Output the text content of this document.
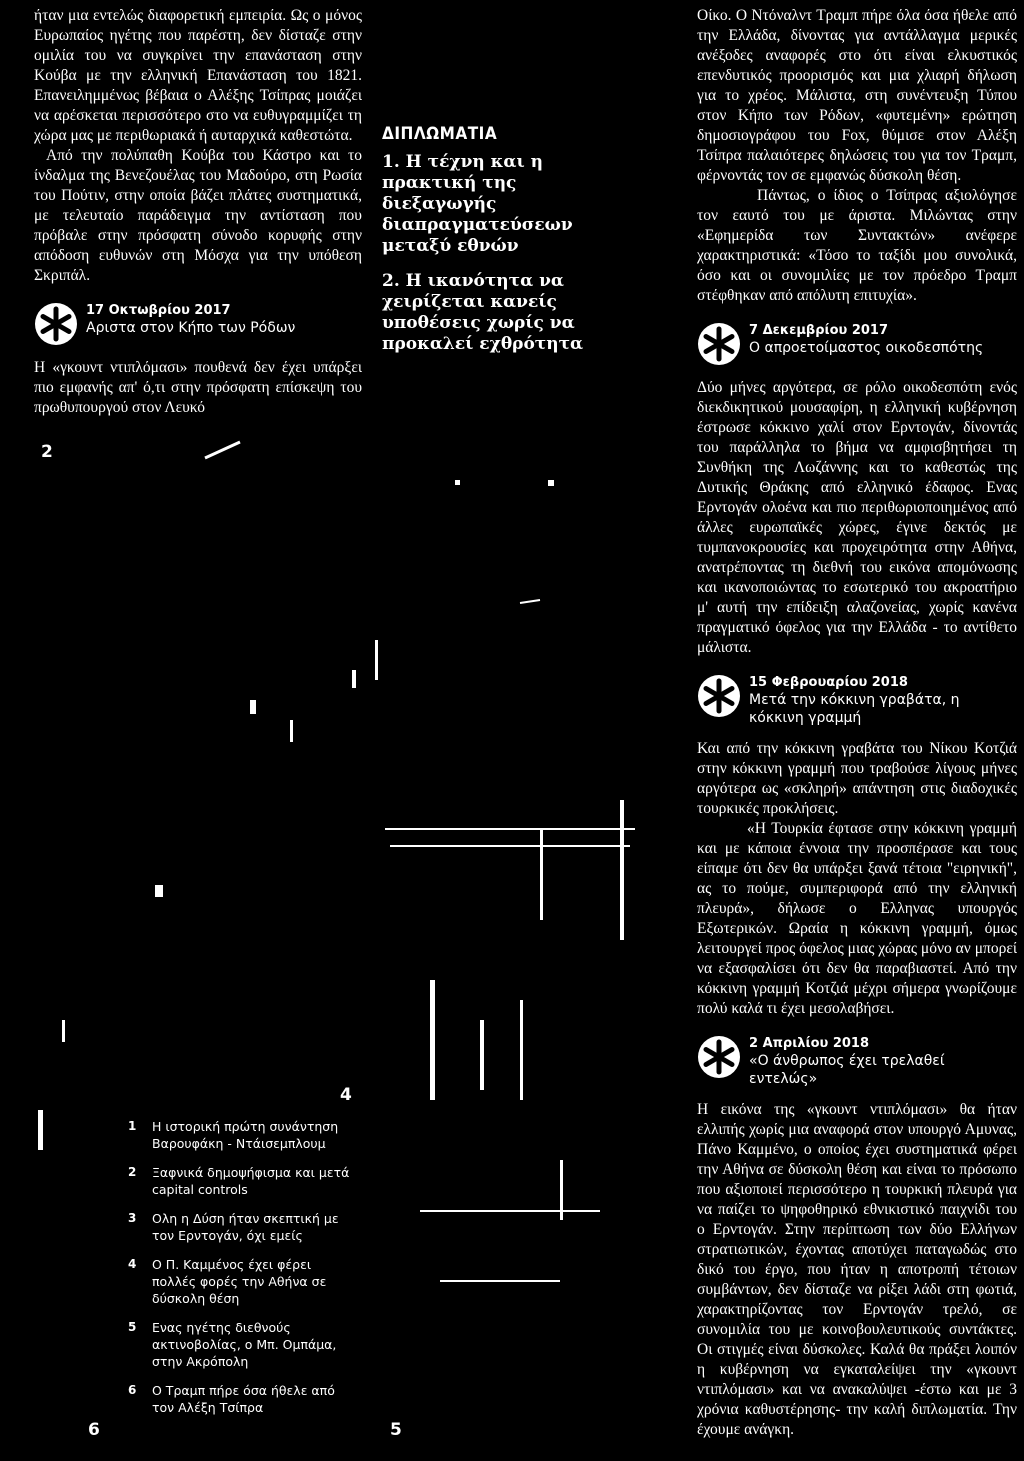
ήταν μια εντελώς διαφορετική εμπειρία. Ως ο μόνος Ευρωπαίος ηγέτης που παρέστη, δεν δίσταζε στην ομιλία του να συγκρίνει την επανάσταση στην Κούβα με την ελληνική Επανάσταση του 1821. Επανειλημμένως βέβαια ο Αλέξης Τσίπρας μοιάζει να αρέσκεται περισσότερο στο να ευθυγραμμίζει τη χώρα μας με περιθωριακά ή αυταρχικά καθεστώτα.

Από την πολύπαθη Κούβα του Κάστρο και το ίνδαλμα της Βενεζουέλας του Μαδούρο, στη Ρωσία του Πούτιν, στην οποία βάζει πλάτες συστηματικά, με τελευταίο παράδειγμα την αντίσταση που πρόβαλε στην πρόσφατη σύνοδο κορυφής στην απόδοση ευθυνών στη Μόσχα για την υπόθεση Σκριπάλ.

17 Οκτωβρίου 2017
Αριστα στον Κήπο των Ρόδων

Η «γκουντ ντιπλόμασι» πουθενά δεν έχει υπάρξει πιο εμφανής απ' ό,τι στην πρόσφατη επίσκεψη του πρωθυπουργού στον Λευκό

ΔΙΠΛΩΜΑΤΙΑ

1. Η τέχνη και η πρακτική της διεξαγωγής διαπραγματεύσεων μεταξύ εθνών

2. Η ικανότητα να χειρίζεται κανείς υποθέσεις χωρίς να προκαλεί εχθρότητα

2
4
5
6
1 Η ιστορική πρώτη συνάντηση Βαρουφάκη - Ντάισεμπλουμ
2 Ξαφνικά δημοψήφισμα και μετά capital controls
3 Ολη η Δύση ήταν σκεπτική με τον Ερντογάν, όχι εμείς
4 Ο Π. Καμμένος έχει φέρει πολλές φορές την Αθήνα σε δύσκολη θέση
5 Ενας ηγέτης διεθνούς ακτινοβολίας, ο Μπ. Ομπάμα, στην Ακρόπολη
6 Ο Τραμπ πήρε όσα ήθελε από τον Αλέξη Τσίπρα

Οίκο. Ο Ντόναλντ Τραμπ πήρε όλα όσα ήθελε από την Ελλάδα, δίνοντας για αντάλλαγμα μερικές ανέξοδες αναφορές στο ότι είναι ελκυστικός επενδυτικός προορισμός και μια χλιαρή δήλωση για το χρέος. Μάλιστα, στη συνέντευξη Τύπου στον Κήπο των Ρόδων, «φυτεμένη» ερώτηση δημοσιογράφου του Fox, θύμισε στον Αλέξη Τσίπρα παλαιότερες δηλώσεις του για τον Τραμπ, φέρνοντάς τον σε εμφανώς δύσκολη θέση.

Πάντως, ο ίδιος ο Τσίπρας αξιολόγησε τον εαυτό του με άριστα. Μιλώντας στην «Εφημερίδα των Συντακτών» ανέφερε χαρακτηριστικά: «Τόσο το ταξίδι μου συνολικά, όσο και οι συνομιλίες με τον πρόεδρο Τραμπ στέφθηκαν από απόλυτη επιτυχία».

7 Δεκεμβρίου 2017
Ο απροετοίμαστος οικοδεσπότης

Δύο μήνες αργότερα, σε ρόλο οικοδεσπότη ενός διεκδικητικού μουσαφίρη, η ελληνική κυβέρνηση έστρωσε κόκκινο χαλί στον Ερντογάν, δίνοντάς του παράλληλα το βήμα να αμφισβητήσει τη Συνθήκη της Λωζάννης και το καθεστώς της Δυτικής Θράκης από ελληνικό έδαφος. Ενας Ερντογάν ολοένα και πιο περιθωριοποιημένος από άλλες ευρωπαϊκές χώρες, έγινε δεκτός με τυμπανοκρουσίες και προχειρότητα στην Αθήνα, ανατρέποντας τη διεθνή του εικόνα απομόνωσης και ικανοποιώντας το εσωτερικό του ακροατήριο μ' αυτή την επίδειξη αλαζονείας, χωρίς κανένα πραγματικό όφελος για την Ελλάδα - το αντίθετο μάλιστα.

15 Φεβρουαρίου 2018
Μετά την κόκκινη γραβάτα, η κόκκινη γραμμή

Και από την κόκκινη γραβάτα του Νίκου Κοτζιά στην κόκκινη γραμμή που τραβούσε λίγους μήνες αργότερα ως «σκληρή» απάντηση στις διαδοχικές τουρκικές προκλήσεις.

«Η Τουρκία έφτασε στην κόκκινη γραμμή και με κάποια έννοια την προσπέρασε και τους είπαμε ότι δεν θα υπάρξει ξανά τέτοια "ειρηνική", ας το πούμε, συμπεριφορά από την ελληνική πλευρά», δήλωσε ο Ελληνας υπουργός Εξωτερικών. Ωραία η κόκκινη γραμμή, όμως λειτουργεί προς όφελος μιας χώρας μόνο αν μπορεί να εξασφαλίσει ότι δεν θα παραβιαστεί. Από την κόκκινη γραμμή Κοτζιά μέχρι σήμερα γνωρίζουμε πολύ καλά τι έχει μεσολαβήσει.

2 Απριλίου 2018
«Ο άνθρωπος έχει τρελαθεί εντελώς»

Η εικόνα της «γκουντ ντιπλόμασι» θα ήταν ελλιπής χωρίς μια αναφορά στον υπουργό Αμυνας, Πάνο Καμμένο, ο οποίος έχει συστηματικά φέρει την Αθήνα σε δύσκολη θέση και είναι το πρόσωπο που αξιοποιεί περισσότερο η τουρκική πλευρά για να παίζει το ψηφοθηρικό εθνικιστικό παιχνίδι του ο Ερντογάν. Στην περίπτωση των δύο Ελλήνων στρατιωτικών, έχοντας αποτύχει παταγωδώς στο δικό του έργο, που ήταν η αποτροπή τέτοιων συμβάντων, δεν δίσταζε να ρίξει λάδι στη φωτιά, χαρακτηρίζοντας τον Ερντογάν τρελό, σε συνομιλία του με κοινοβουλευτικούς συντάκτες. Οι στιγμές είναι δύσκολες. Καλά θα πράξει λοιπόν η κυβέρνηση να εγκαταλείψει την «γκουντ ντιπλόμασι» και να ανακαλύψει -έστω και με 3 χρόνια καθυστέρησης- την καλή διπλωματία. Την έχουμε ανάγκη.
